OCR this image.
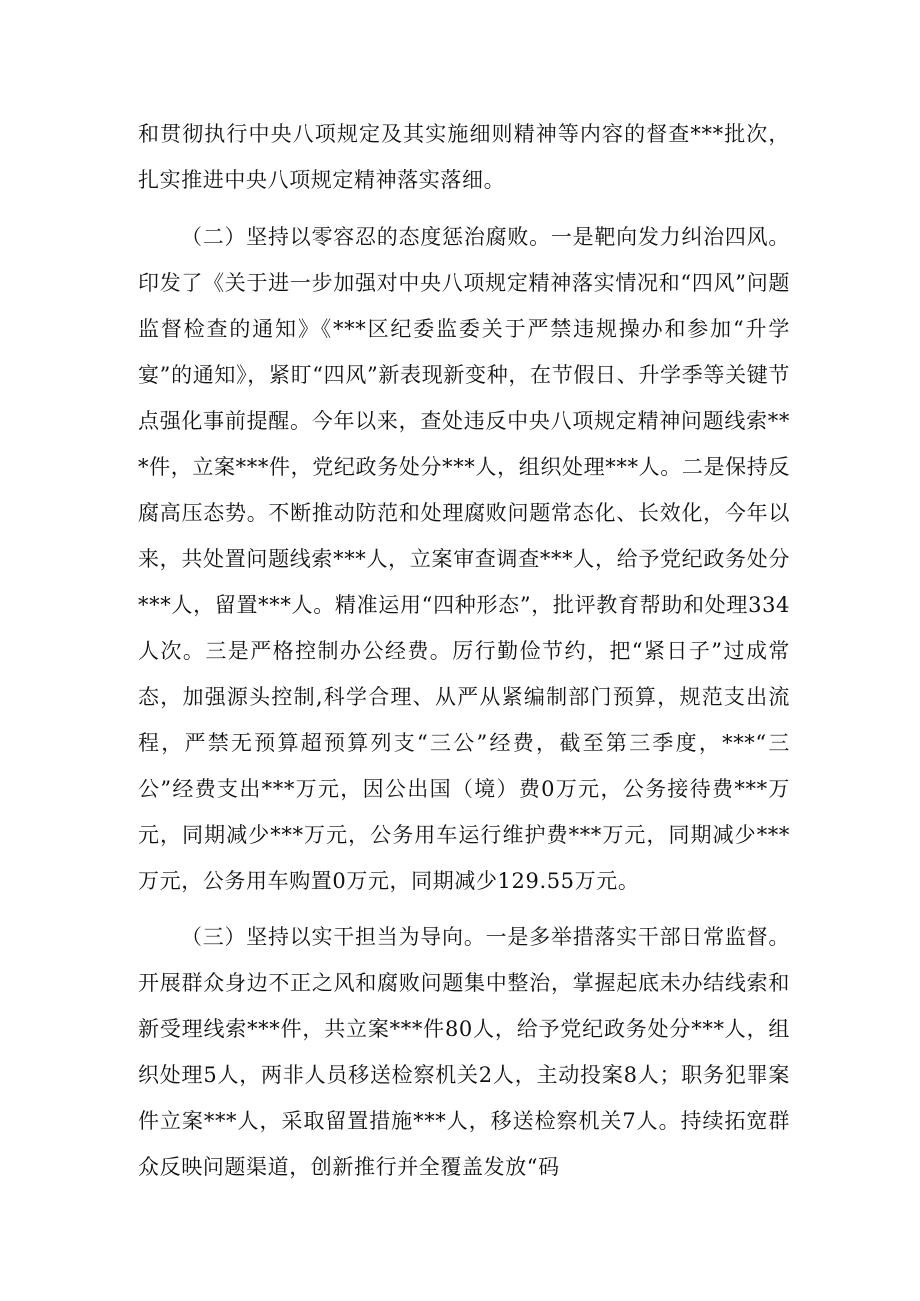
和贯彻执行中央八项规定及其实施细则精神等内容的督查***批次，扎实推进中央八项规定精神落实落细。

（二）坚持以零容忍的态度惩治腐败。一是靶向发力纠治四风。印发了《关于进一步加强对中央八项规定精神落实情况和“四风”问题监督检查的通知》《***区纪委监委关于严禁违规操办和参加“升学宴”的通知》，紧盯“四风”新表现新变种，在节假日、升学季等关键节点强化事前提醒。今年以来，查处违反中央八项规定精神问题线索***件，立案***件，党纪政务处分***人，组织处理***人。二是保持反腐高压态势。不断推动防范和处理腐败问题常态化、长效化，今年以来，共处置问题线索***人，立案审查调查***人，给予党纪政务处分***人，留置***人。精准运用“四种形态”，批评教育帮助和处理334人次。三是严格控制办公经费。厉行勤俭节约，把“紧日子”过成常态，加强源头控制,科学合理、从严从紧编制部门预算，规范支出流程，严禁无预算超预算列支“三公”经费，截至第三季度，***“三公”经费支出***万元，因公出国（境）费0万元，公务接待费***万元，同期减少***万元，公务用车运行维护费***万元，同期减少***万元，公务用车购置0万元，同期减少129.55万元。

（三）坚持以实干担当为导向。一是多举措落实干部日常监督。开展群众身边不正之风和腐败问题集中整治，掌握起底未办结线索和新受理线索***件，共立案***件80人，给予党纪政务处分***人，组织处理5人，两非人员移送检察机关2人，主动投案8人；职务犯罪案件立案***人，采取留置措施***人，移送检察机关7人。持续拓宽群众反映问题渠道，创新推行并全覆盖发放“码
